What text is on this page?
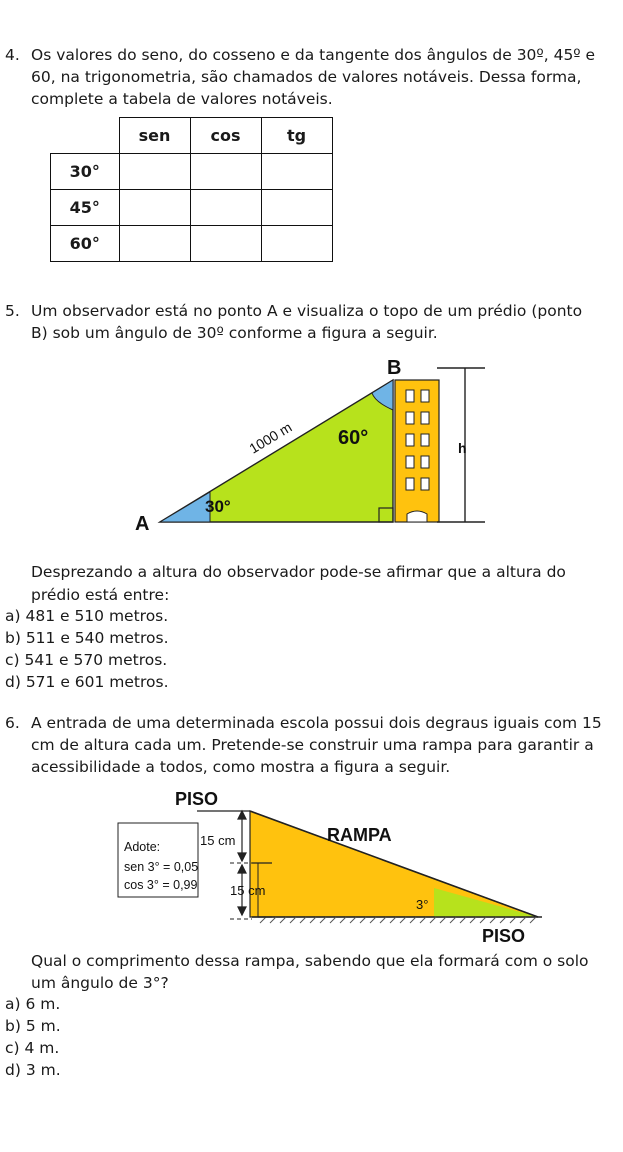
4. Os valores do seno, do cosseno e da tangente dos ângulos de 30º, 45º e

60, na trigonometria, são chamados de valores notáveis. Dessa forma,

complete a tabela de valores notáveis.

	sen	cos	tg
30°			
45°			
60°			
5. Um observador está no ponto A e visualiza o topo de um prédio (ponto

B) sob um ângulo de 30º conforme a figura a seguir.

B
A
1000 m
30°
60°	h

Desprezando a altura do observador pode-se afirmar que a altura do

prédio está entre:

a) 481 e 510 metros.
b) 511 e 540 metros.
c) 541 e 570 metros.
d) 571 e 601 metros.
6. A entrada de uma determinada escola possui dois degraus iguais com 15

cm de altura cada um. Pretende-se construir uma rampa para garantir a

acessibilidade a todos, como mostra a figura a seguir.

Adote:
sen 3° = 0,05
cos 3° = 0,99
PISO
RAMPA
15 cm
15 cm
3°
PISO

Qual o comprimento dessa rampa, sabendo que ela formará com o solo

um ângulo de 3°?

a) 6 m.
b) 5 m.
c) 4 m.
d) 3 m.
